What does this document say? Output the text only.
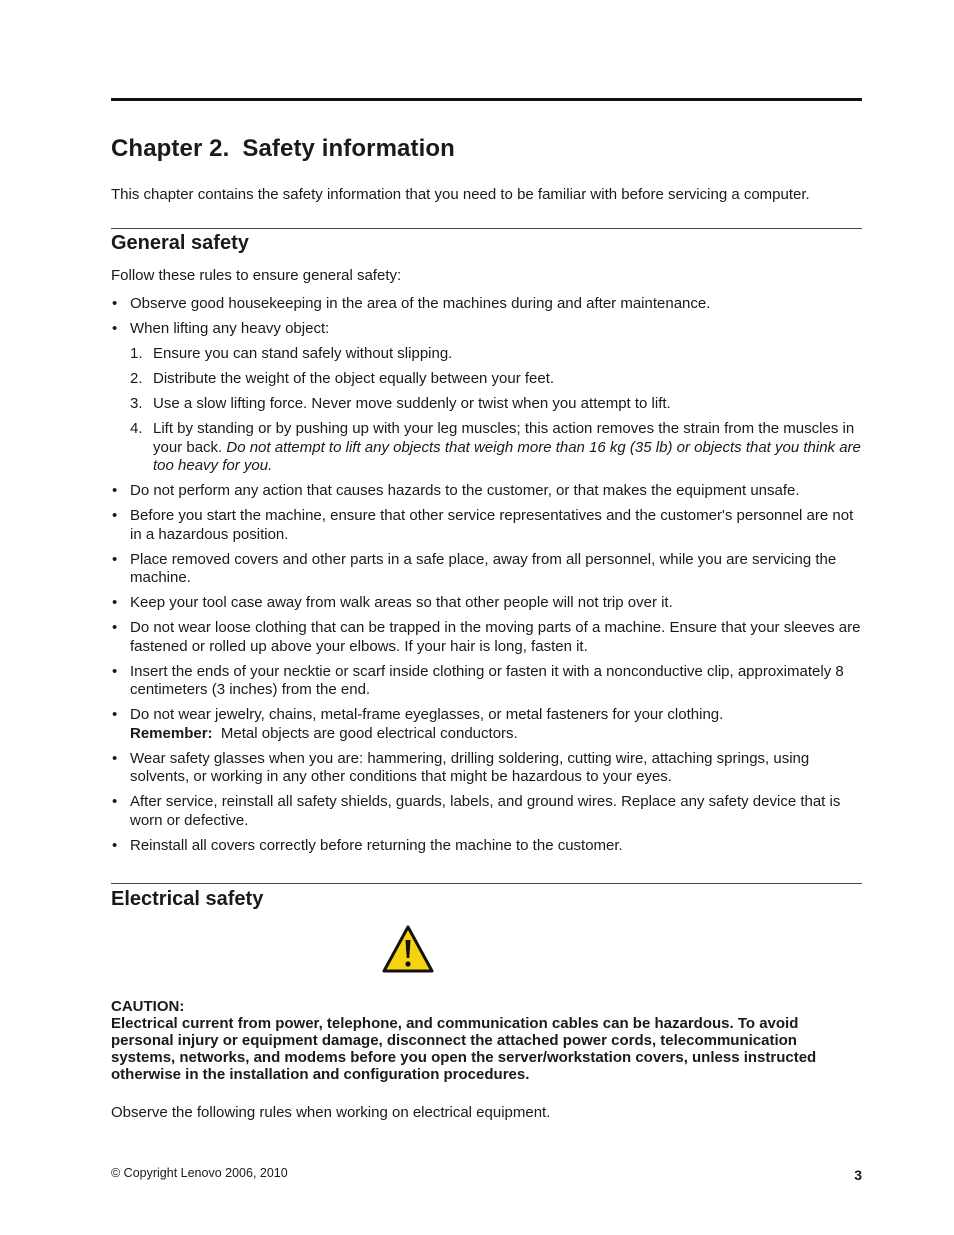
Chapter 2. Safety information

This chapter contains the safety information that you need to be familiar with before servicing a computer.

General safety

Follow these rules to ensure general safety:

• Observe good housekeeping in the area of the machines during and after maintenance.
• When lifting any heavy object:
1. Ensure you can stand safely without slipping.
2. Distribute the weight of the object equally between your feet.
3. Use a slow lifting force. Never move suddenly or twist when you attempt to lift.
4. Lift by standing or by pushing up with your leg muscles; this action removes the strain from the muscles in your back. Do not attempt to lift any objects that weigh more than 16 kg (35 lb) or objects that you think are too heavy for you.
• Do not perform any action that causes hazards to the customer, or that makes the equipment unsafe.
• Before you start the machine, ensure that other service representatives and the customer's personnel are not in a hazardous position.
• Place removed covers and other parts in a safe place, away from all personnel, while you are servicing the machine.
• Keep your tool case away from walk areas so that other people will not trip over it.
• Do not wear loose clothing that can be trapped in the moving parts of a machine. Ensure that your sleeves are fastened or rolled up above your elbows. If your hair is long, fasten it.
• Insert the ends of your necktie or scarf inside clothing or fasten it with a nonconductive clip, approximately 8 centimeters (3 inches) from the end.
• Do not wear jewelry, chains, metal-frame eyeglasses, or metal fasteners for your clothing.
Remember: Metal objects are good electrical conductors.
• Wear safety glasses when you are: hammering, drilling soldering, cutting wire, attaching springs, using solvents, or working in any other conditions that might be hazardous to your eyes.
• After service, reinstall all safety shields, guards, labels, and ground wires. Replace any safety device that is worn or defective.
• Reinstall all covers correctly before returning the machine to the customer.
Electrical safety
CAUTION:
Electrical current from power, telephone, and communication cables can be hazardous. To avoid personal injury or equipment damage, disconnect the attached power cords, telecommunication systems, networks, and modems before you open the server/workstation covers, unless instructed otherwise in the installation and configuration procedures.

Observe the following rules when working on electrical equipment.

© Copyright Lenovo 2006, 2010	3
